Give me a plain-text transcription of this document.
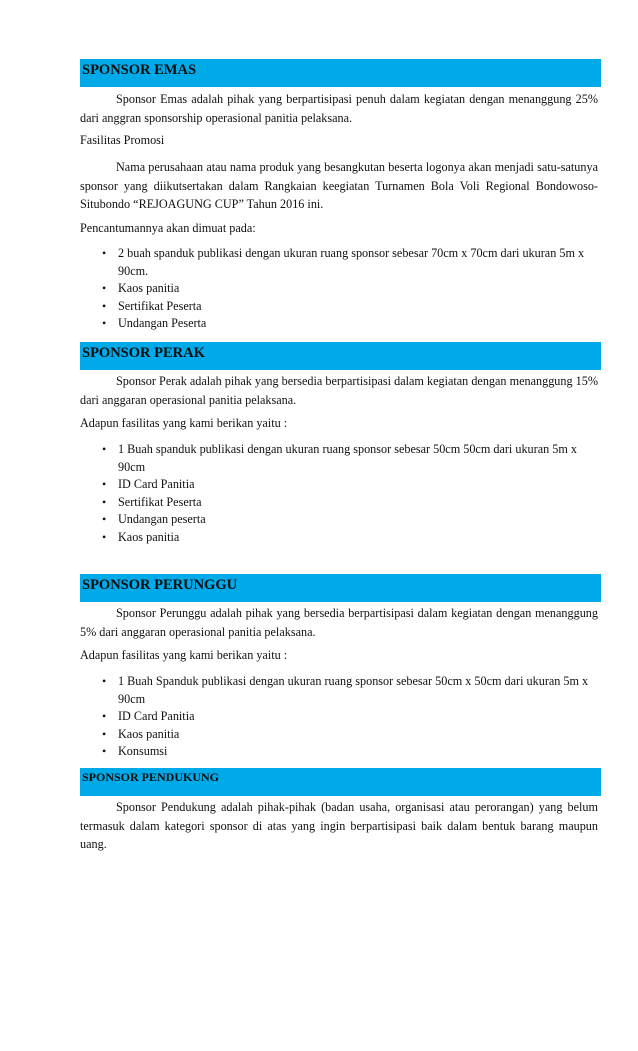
SPONSOR EMAS
Sponsor Emas adalah pihak yang berpartisipasi penuh dalam kegiatan dengan menanggung 25% dari anggran sponsorship operasional panitia pelaksana.
Fasilitas Promosi
Nama perusahaan atau nama produk yang besangkutan beserta logonya akan menjadi satu-satunya sponsor yang diikutsertakan dalam Rangkaian keegiatan Turnamen Bola Voli Regional Bondowoso-Situbondo “REJOAGUNG CUP” Tahun 2016 ini.
Pencantumannya akan dimuat pada:
• 2 buah spanduk publikasi dengan ukuran ruang sponsor sebesar 70cm x 70cm dari ukuran 5m x 90cm.
• Kaos panitia
• Sertifikat Peserta
• Undangan Peserta
SPONSOR PERAK
Sponsor Perak adalah pihak yang bersedia berpartisipasi dalam kegiatan dengan menanggung 15% dari anggaran operasional panitia pelaksana.
Adapun fasilitas yang kami berikan yaitu :
• 1 Buah spanduk publikasi dengan ukuran ruang sponsor sebesar 50cm 50cm dari ukuran 5m x 90cm
• ID Card Panitia
• Sertifikat Peserta
• Undangan peserta
• Kaos panitia
SPONSOR PERUNGGU
Sponsor Perunggu adalah pihak yang bersedia berpartisipasi dalam kegiatan dengan menanggung 5% dari anggaran operasional panitia pelaksana.
Adapun fasilitas yang kami berikan yaitu :
• 1 Buah Spanduk publikasi dengan ukuran ruang sponsor sebesar 50cm x 50cm dari ukuran 5m x 90cm
• ID Card Panitia
• Kaos panitia
• Konsumsi
SPONSOR PENDUKUNG
Sponsor Pendukung adalah pihak-pihak (badan usaha, organisasi atau perorangan) yang belum termasuk dalam kategori sponsor di atas yang ingin berpartisipasi baik dalam bentuk barang maupun uang.
